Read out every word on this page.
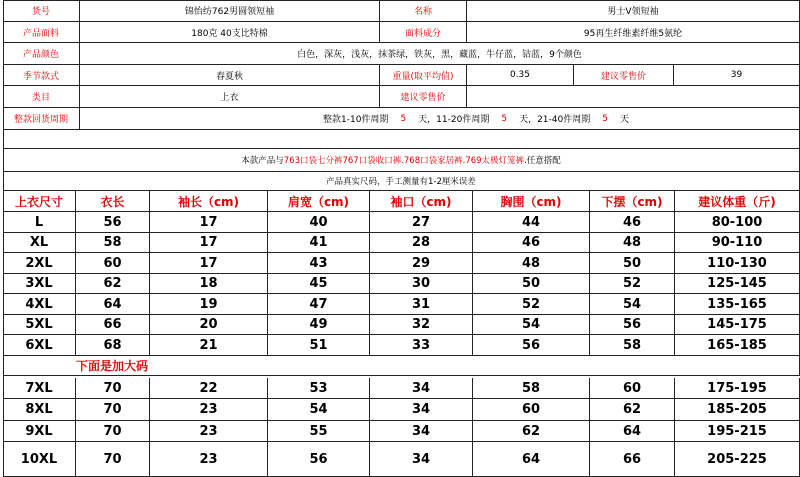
货号	锦怡纺762男圆领短袖	名称	男士V领短袖
产品面料	180克 40支比特棉	面料成分	95再生纤维素纤维5氨纶
产品颜色	白色，深灰，浅灰，抹茶绿，铁灰，黑，藏蓝，牛仔蓝，钴蓝，9个颜色
季节款式	春夏秋	重量(取平均值)	0.35	建议零售价	39
类目	上衣	建议零售价
整款回货周期	整款1-10件周期 5 天，11-20件周期 5 天，21-40件周期 5 天
本款产品与 763口袋七分裤767口袋收口裤.768口袋家居裤.769太极灯笼裤 .任意搭配
产品真实尺码，手工测量有1-2厘米误差
上衣尺寸	衣长	袖长（cm)	肩宽（cm)	袖口（cm)	胸围（cm)	下摆（cm)	建议体重（斤)
L	56	17	40	27	44	46	80-100
XL	58	17	41	28	46	48	90-110
2XL	60	17	43	29	48	50	110-130
3XL	62	18	45	30	50	52	125-145
4XL	64	19	47	31	52	54	135-165
5XL	66	20	49	32	54	56	145-175
6XL	68	21	51	33	56	58	165-185
下面是加大码
7XL	70	22	53	34	58	60	175-195
8XL	70	23	54	34	60	62	185-205
9XL	70	23	55	34	62	64	195-215
10XL	70	23	56	34	64	66	205-225
